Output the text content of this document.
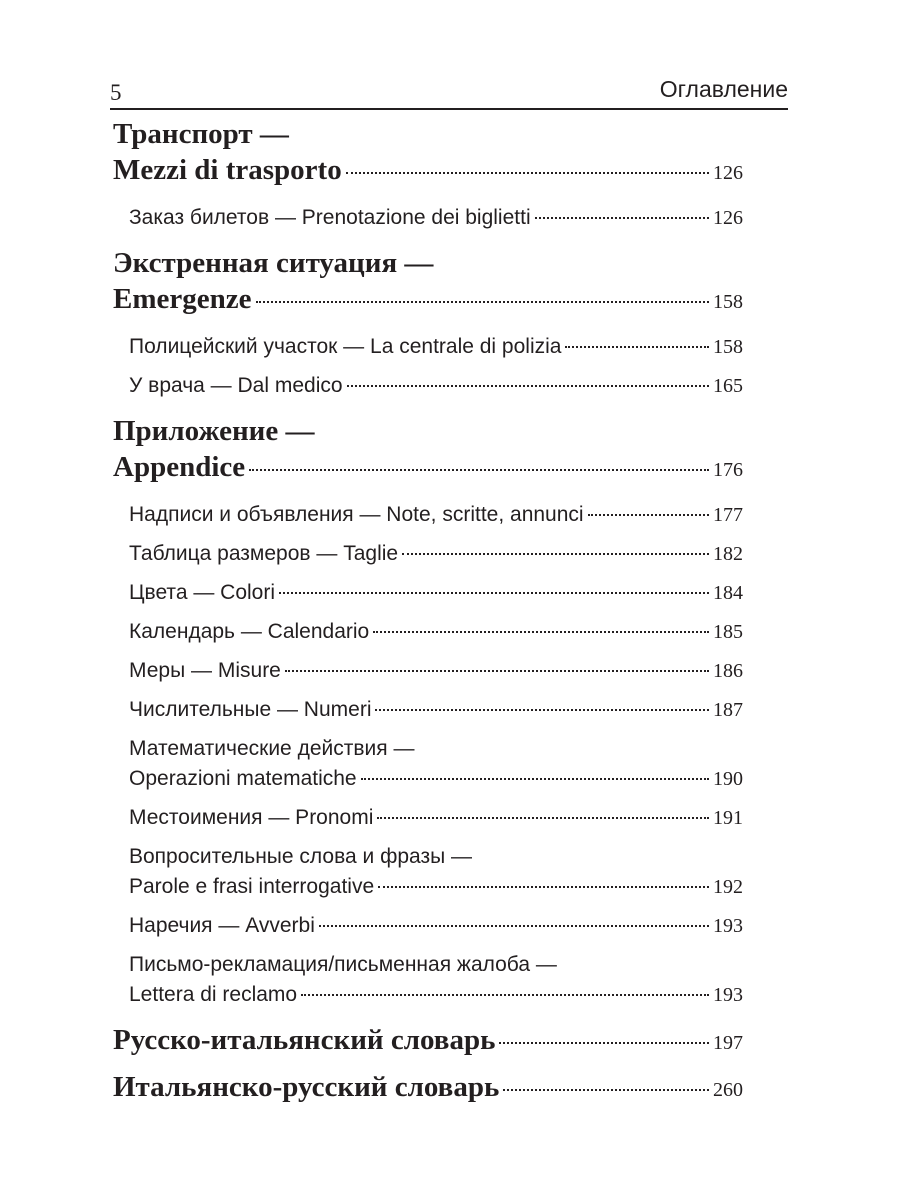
5	Оглавление
Транспорт —
Mezzi di trasporto	126
Заказ билетов — Prenotazione dei biglietti	126
Экстренная ситуация —
Emergenze	158
Полицейский участок — La centrale di polizia	158
У врача — Dal medico	165
Приложение —
Appendice	176
Надписи и объявления — Note, scritte, annunci	177
Таблица размеров — Taglie	182
Цвета — Colori	184
Календарь — Calendario	185
Меры — Misure	186
Числительные — Numeri	187
Математические действия —
Operazioni matematiche	190
Местоимения — Pronomi	191
Вопросительные слова и фразы —
Parole e frasi interrogative	192
Наречия — Avverbi	193
Письмо-рекламация/письменная жалоба —
Lettera di reclamo	193
Русско-итальянский словарь	197
Итальянско-русский словарь	260
